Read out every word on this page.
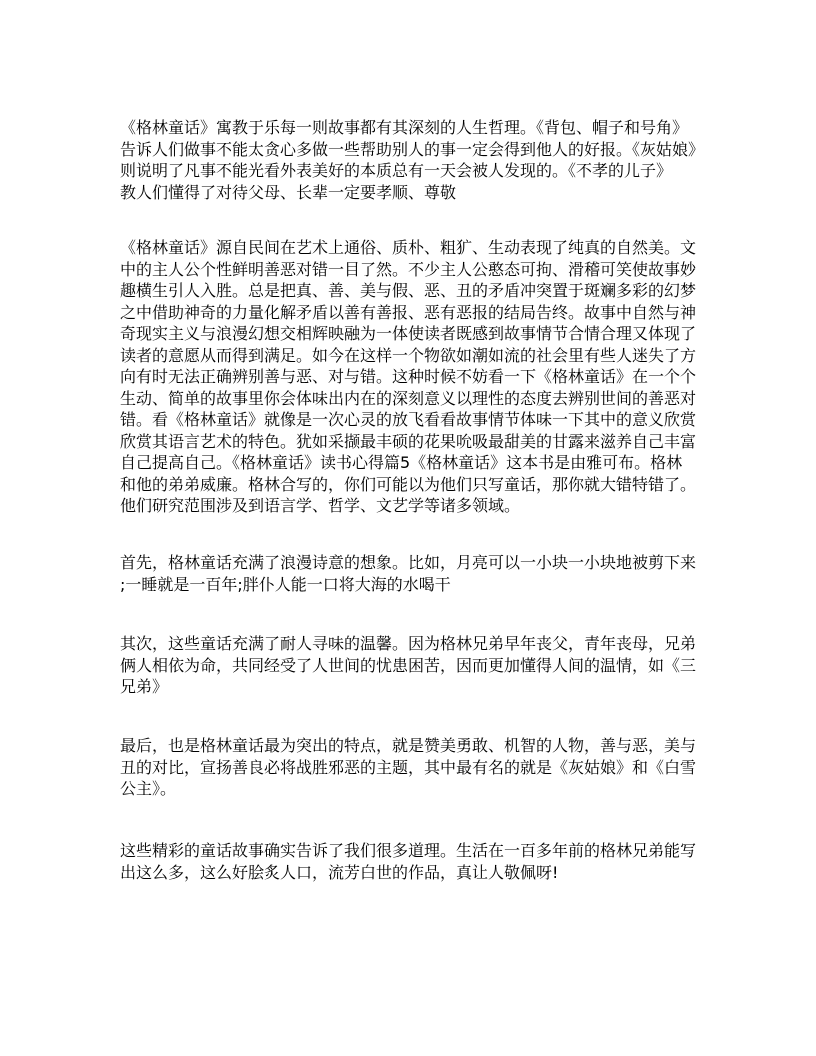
《格林童话》寓教于乐每一则故事都有其深刻的人生哲理。《背包、帽子和号角》
告诉人们做事不能太贪心多做一些帮助别人的事一定会得到他人的好报。《灰姑娘》
则说明了凡事不能光看外表美好的本质总有一天会被人发现的。《不孝的儿子》
教人们懂得了对待父母、长辈一定要孝顺、尊敬
《格林童话》源自民间在艺术上通俗、质朴、粗犷、生动表现了纯真的自然美。文
中的主人公个性鲜明善恶对错一目了然。不少主人公憨态可拘、滑稽可笑使故事妙
趣横生引人入胜。总是把真、善、美与假、恶、丑的矛盾冲突置于斑斓多彩的幻梦
之中借助神奇的力量化解矛盾以善有善报、恶有恶报的结局告终。故事中自然与神
奇现实主义与浪漫幻想交相辉映融为一体使读者既感到故事情节合情合理又体现了
读者的意愿从而得到满足。如今在这样一个物欲如潮如流的社会里有些人迷失了方
向有时无法正确辨别善与恶、对与错。这种时候不妨看一下《格林童话》在一个个
生动、简单的故事里你会体味出内在的深刻意义以理性的态度去辨别世间的善恶对
错。看《格林童话》就像是一次心灵的放飞看看故事情节体味一下其中的意义欣赏
欣赏其语言艺术的特色。犹如采撷最丰硕的花果吮吸最甜美的甘露来滋养自己丰富
自己提高自己。《格林童话》读书心得篇5《格林童话》这本书是由雅可布。格林
和他的弟弟威廉。格林合写的，你们可能以为他们只写童话，那你就大错特错了。
他们研究范围涉及到语言学、哲学、文艺学等诸多领域。
首先，格林童话充满了浪漫诗意的想象。比如，月亮可以一小块一小块地被剪下来
;一睡就是一百年;胖仆人能一口将大海的水喝干
其次，这些童话充满了耐人寻味的温馨。因为格林兄弟早年丧父，青年丧母，兄弟
俩人相依为命，共同经受了人世间的忧患困苦，因而更加懂得人间的温情，如《三
兄弟》
最后，也是格林童话最为突出的特点，就是赞美勇敢、机智的人物，善与恶，美与
丑的对比，宣扬善良必将战胜邪恶的主题，其中最有名的就是《灰姑娘》和《白雪
公主》。
这些精彩的童话故事确实告诉了我们很多道理。生活在一百多年前的格林兄弟能写
出这么多，这么好脍炙人口，流芳白世的作品，真让人敬佩呀!
